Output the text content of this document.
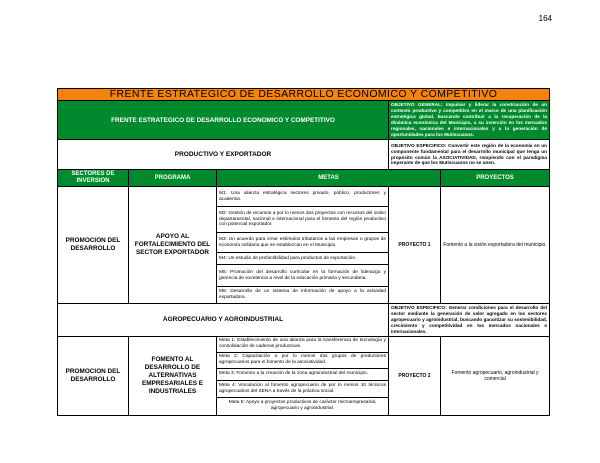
164
FRENTE ESTRATEGICO DE DESARROLLO ECONOMICO Y COMPETITIVO				
FRENTE ESTRATEGICO DE DESARROLLO ECONOMICO Y COMPETITIVO			OBJETIVO GENERAL: Impulsar y liderar la construcción de un contexto productivo y competitivo en el marco de una planificación estratégica global, buscando contribuir a la recuperación de la dinámica económica del Municipio, a su inserción en los mercados regionales, nacionales e internacionales y a la generación de oportunidades para los Mutiscuanos.	
PRODUCTIVO Y EXPORTADOR			OBJETIVO ESPECIFICO: Convertir este región de la economía en un componente fundamental para el desarrollo municipal que tenga un propósito común la ASOCIATIVIDAD, rompiendo con el paradigma imperante de que los Mutiscuanos no se unen.	
SECTORES DE INVERSION	PROGRAMA	METAS		PROYECTOS
PROMOCION DEL DESARROLLO	APOYO AL FORTALECIMIENTO DEL SECTOR EXPORTADOR	M1: Una alianza estratégica sectores privado, público, productores y academia.	PROYECTO 1	Fomento a la visión exportadora del municipio.
		M2: Gestión de recursos a por lo menos dos proyectos con recursos del orden departamental, nacional e internacional para el fomento del región productivo con potencial exportador.		
		M3: Un acuerdo para crear estímulos tributarios a las empresas o grupos de economía solidaria que se establezcan en el Municipio.		
		M4: Un estudio de prefactibilidad para productos de exportación.		
		M5: Promoción del desarrollo curricular en la formación de liderazgo y gerencia de excelencia a nivel de la educación primaria y secundaria.		
		M6: Desarrollo de un sistema de información de apoyo a la actividad exportadora.		
AGROPECUARIO Y AGROINDUSTRIAL			OBJETIVO ESPECIFICO: Generar condiciones para el desarrollo del sector mediante la generación de valor agregado en los sectores agropecuario y agroindustrial, buscando garantizar su sostenibilidad, crecimiento y competitividad en los mercados nacionales e internacionales.	
PROMOCION DEL DESARROLLO	FOMENTO AL DESARROLLO DE ALTERNATIVAS EMPRESARIALES E INDUSTRIALES	Meta 1: Establecimiento de una alianza para la transferencia de tecnología y consolidación de cadenas productivas.	PROYECTO 2	Fomento agropecuario, agroindustrial y comercial
		Meta 2: Capacitación a por lo menos dos grupos de productores agropecuarios para el fomento de la asociatividad.		
		Meta 3: Fomento a la creación de la zona agroindustrial del municipio.		
		Meta 4: Vinculación al fomento agropecuario de por lo menos 10 técnicos agropecuarios del SENA a través de la práctica social.		
		Meta 5: Apoyo a proyectos productivos de carácter microempresarial, agropecuario y agroindustrial.		
